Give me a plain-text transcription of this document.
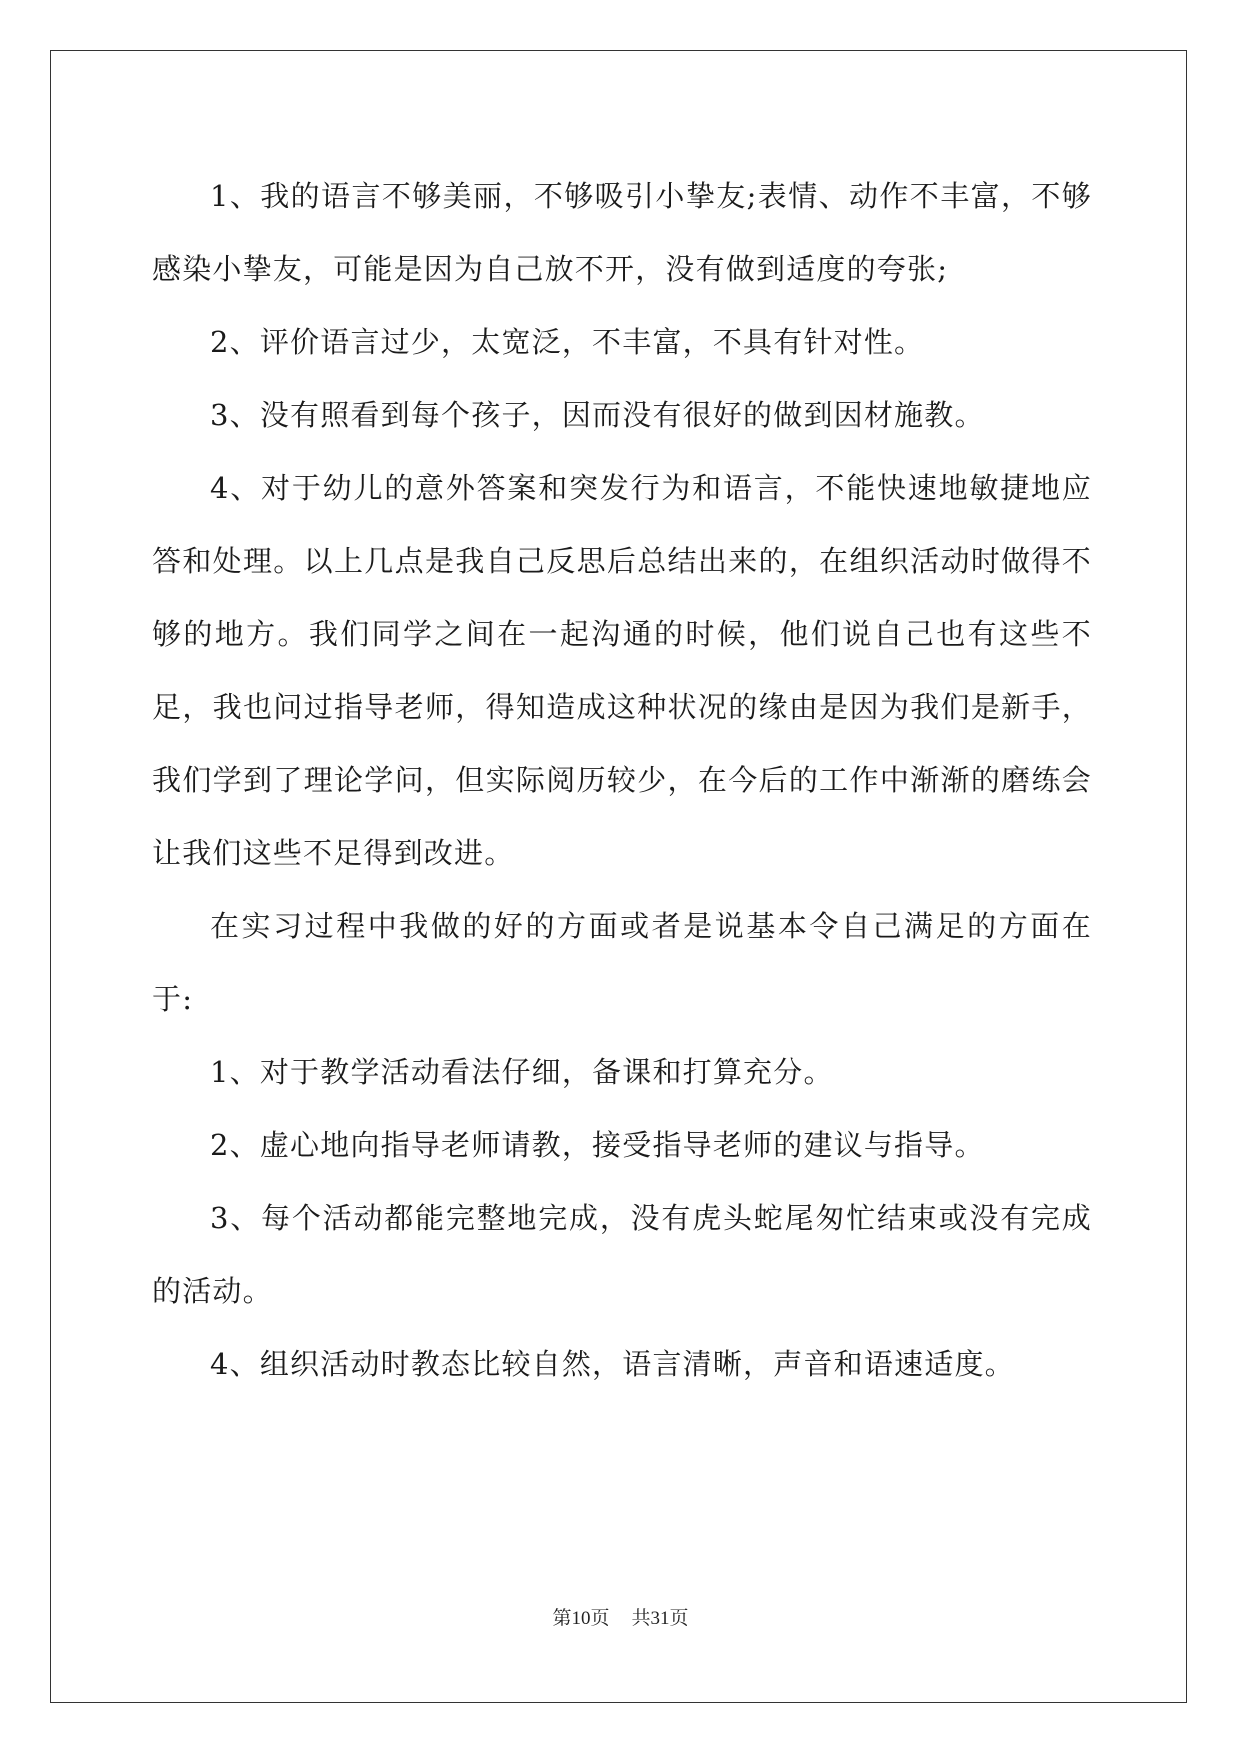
1、我的语言不够美丽，不够吸引小挚友;表情、动作不丰富，不够感染小挚友，可能是因为自己放不开，没有做到适度的夸张;

2、评价语言过少，太宽泛，不丰富，不具有针对性。

3、没有照看到每个孩子，因而没有很好的做到因材施教。

4、对于幼儿的意外答案和突发行为和语言，不能快速地敏捷地应答和处理。以上几点是我自己反思后总结出来的，在组织活动时做得不够的地方。我们同学之间在一起沟通的时候，他们说自己也有这些不足，我也问过指导老师，得知造成这种状况的缘由是因为我们是新手，我们学到了理论学问，但实际阅历较少，在今后的工作中渐渐的磨练会让我们这些不足得到改进。

在实习过程中我做的好的方面或者是说基本令自己满足的方面在于:

1、对于教学活动看法仔细，备课和打算充分。

2、虚心地向指导老师请教，接受指导老师的建议与指导。

3、每个活动都能完整地完成，没有虎头蛇尾匆忙结束或没有完成的活动。

4、组织活动时教态比较自然，语言清晰，声音和语速适度。

第10页 共31页
